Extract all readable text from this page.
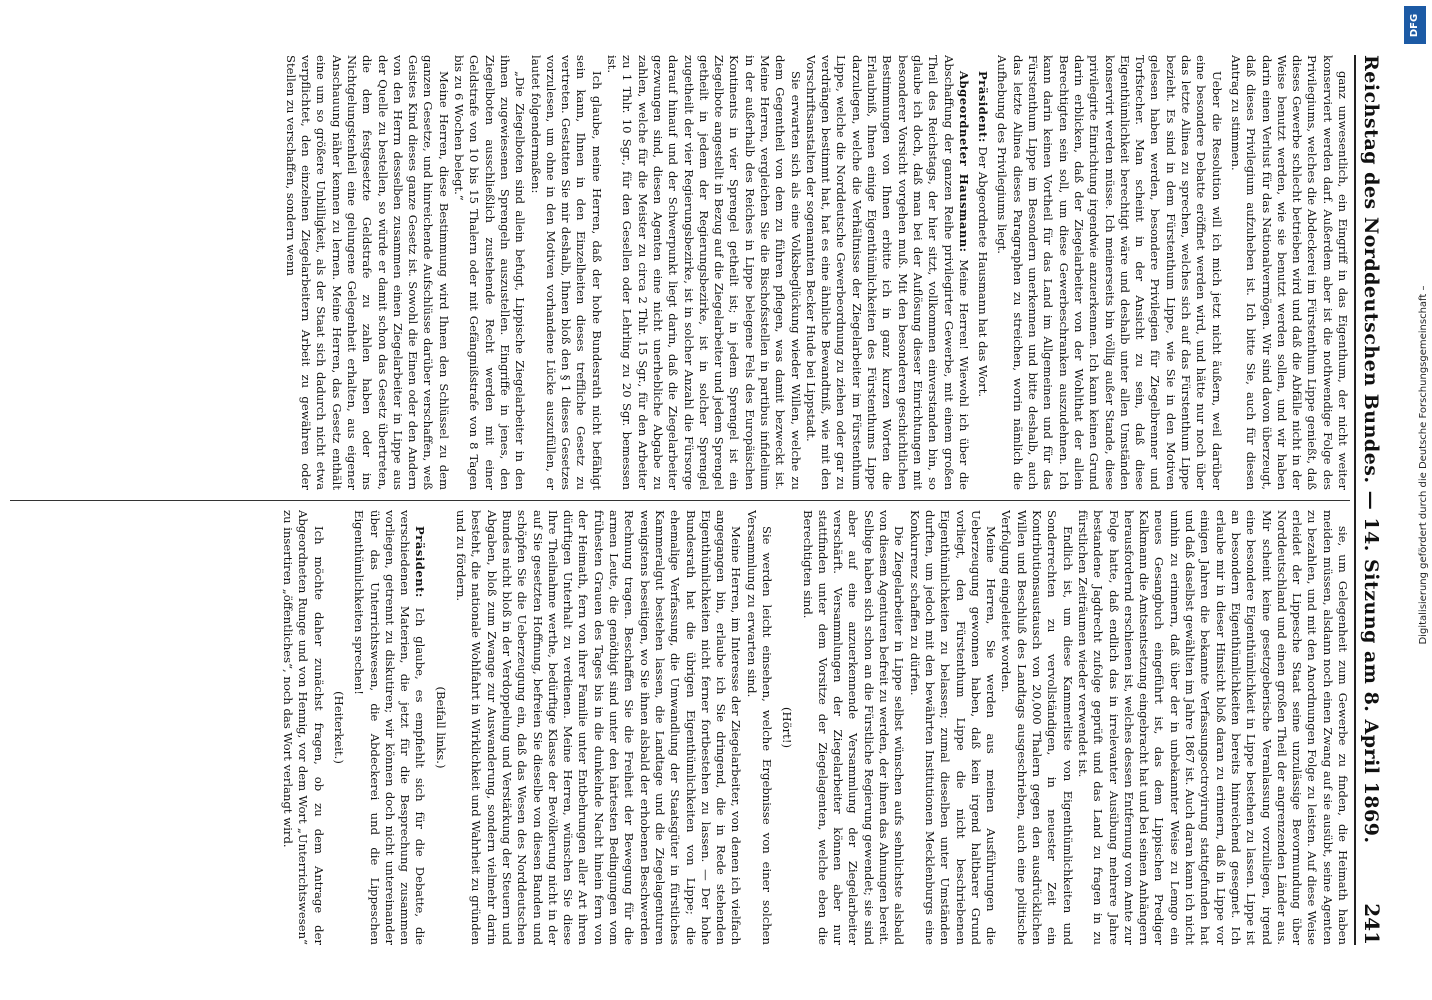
Reichstag des Norddeutschen Bundes. — 14. Sitzung am 8. April 1869.
241

ganz unwesentlich, ein Eingriff in das Eigenthum, der nicht weiter konserviert werden darf. Außerdem aber ist die nothwendige Folge des Privilegiums, welches die Abdeckerei im Fürstenthum Lippe genießt, daß dieses Gewerbe schlecht betrieben wird und daß die Abfälle nicht in der Weise benutzt werden, wie sie benutzt werden sollen, und wir haben darin einen Verlust für das Nationalvermögen. Wir sind davon überzeugt, daß dieses Privilegium aufzuheben ist. Ich bitte Sie, auch für diesen Antrag zu stimmen.

Ueber die Resolution will ich mich jetzt nicht äußern, weil darüber eine besondere Debatte eröffnet werden wird, und hätte nur noch über das letzte Alinea zu sprechen, welches sich auf das Fürstenthum Lippe bezieht. Es sind in dem Fürstenthum Lippe, wie Sie in den Motiven gelesen haben werden, besondere Privilegien für Ziegelbrenner und Torfstecher. Man scheint in der Ansicht zu sein, daß diese Eigenthümlichkeit berechtigt wäre und deshalb unter allen Umständen konservirt werden müsse. Ich meinerseits bin völlig außer Stande, diese privilegirte Einrichtung irgendwie anzuerkennen. Ich kann keinen Grund darin erblicken, daß der Ziegelarbeiter von der Wohlthat der allein Berechtigten sein soll, um diese Gewerbeschranken auszudehnen. Ich kann darin keinen Vortheil für das Land im Allgemeinen und für das Fürstenthum Lippe im Besondern unerkennen und bitte deshalb, auch das letzte Alinea dieses Paragraphen zu streichen, worin nämlich die Aufhebung des Privilegiums liegt.

Präsident: Der Abgeordnete Hausmann hat das Wort.

Abgeordneter Hausmann: Meine Herren! Wiewohl ich über die Abschaffung der ganzen Reihe privilegirter Gewerbe, mit einem großen Theil des Reichstags, der hier sitzt, vollkommen einverstanden bin, so glaube ich doch, daß man bei der Auflösung dieser Einrichtungen mit besonderer Vorsicht vorgehen muß. Mit den besonderen geschichtlichen Bestimmungen von Ihnen erbitte ich in ganz kurzen Worten die Erlaubniß, Ihnen einige Eigenthümlichkeiten des Fürstenthums Lippe darzulegen, welche die Verhältnisse der Ziegelarbeiter im Fürstenthum Lippe, welche die Norddeutsche Gewerbeordnung zu ziehen oder gar zu verdrängen bestimmt hat, hat es eine ähnliche Bewandtniß, wie mit den Vorschriftsanstalten der sogenannten Becker Hude bei Lippstadt.

Sie erwarten sich als eine Volksbeglückung wieder Willen, welche zu dem Gegentheil von dem zu führen pflegen, was damit bezweckt ist. Meine Herren, vergleichen Sie die Bischofsstellen in partibus infidelium in der außerhalb des Reiches in Lippe belegene Fels des Europäischen Kontinents in vier Sprengel getheilt ist; in jedem Sprengel ist ein Ziegelbote angestellt in Bezug auf die Ziegelarbeiter und jedem Sprengel getheilt in jedem der Regierungsbezirke, ist in solcher Sprengel zugetheilt der vier Regierungsbezirke, ist in solcher Anzahl die Fürsorge darauf hinauf und der Schwerpunkt liegt darin, daß die Ziegelarbeiter gezwungen sind, diesen Agenten eine nicht unerhebliche Abgabe zu zahlen, welche für die Meister zu circa 2 Thlr. 15 Sgr., für den Arbeiter zu 1 Thlr. 10 Sgr., für den Gesellen oder Lehrling zu 20 Sgr. bemessen ist.

Ich glaube, meine Herren, daß der hohe Bundesrath nicht befähigt sein kann, Ihnen in den Einzelheiten dieses treffliche Gesetz zu vertreten. Gestatten Sie mir deshalb, Ihnen bloß den § 1 dieses Gesetzes vorzulesen, um ohne in den Motiven vorhandene Lücke auszufüllen, er lautet folgendermaßen:

„Die Ziegelboten sind allein befugt, Lippische Ziegelarbeiter in den ihnen zugewiesenen Sprengeln auszustellen. Eingriffe in jenes, den Ziegelboten ausschließlich zustehende Recht werden mit einer Geldstrafe von 10 bis 15 Thalern oder mit Gefängnißstrafe von 8 Tagen bis zu 6 Wochen belegt.“

Meine Herren, diese Bestimmung wird Ihnen den Schlüssel zu dem ganzen Gesetze, und hinreichende Aufschlüsse darüber verschaffen, weß Geistes Kind dieses ganze Gesetz ist. Sowohl die Einen oder den Andern von den Herrn desselben zusammen einen Ziegelarbeiter in Lippe aus der Quelle zu bestellen, so würde er damit schon das Gesetz übertreten, die dem festgesetzte Geldstrafe zu zahlen haben oder ins Nichtgelungstenheil eine gelungene Gelegenheit erhalten, aus eigener Anschauung näher kennen zu lernen. Meine Herren, das Gesetz enthält eine um so größere Unbilligkeit, als der Staat sich dadurch nicht etwa verpflichtet, den einzelnen Ziegelarbeitern Arbeit zu gewähren oder Stellen zu verschaffen, sondern wenn

sie, um Gelegenheit zum Gewerbe zu finden, die Heimath haben meiden müssen, alsdann noch einen Zwang auf sie ausübt, seine Agenten zu bezahlen, und mit den Anordnungen Folge zu leisten. Auf diese Weise erleidet der Lippesche Staat seine unzulässige Bevormundung über Norddeutschland und einen großen Theil der angrenzenden Länder aus. Mir scheint keine gesetzgeberische Veranlassung vorzuliegen, irgend eine besondere Eigenthümlichkeit in Lippe bestehen zu lassen. Lippe ist an besondern Eigenthümlichkeiten bereits hinreichend gesegnet. Ich erlaube mir in dieser Hinsicht bloß daran zu erinnern, daß in Lippe vor einigen Jahren die bekannte Verfassungsoctroyirung stattgefunden hat und daß daselbst gewählten im Jahre 1867 ist. Auch daran kann ich nicht umhin zu erinnern, daß über der in unbekannter Weise zu Lemgo ein neues Gesangbuch eingeführt ist, das dem Lippischen Prediger Kalkmann die Amtsentsetzung eingebracht hat und bei seinen Anhängern herausfordernd erschienen ist, welches dessen Entfernung vom Amte zur Folge hatte, daß endlich das in irrelevanter Ausübung mehrere Jahre bestandene Jagdrecht zufolge geprüft und das Land zu fragen in zu fürstlichen Zeiträumen wieder verwendet ist.

Endlich ist, um diese Kammerliste von Eigenthümlichkeiten und Sonderrechten zu vervollständigen, in neuester Zeit ein Kontributionsaustausch von 20,000 Thalern gegen den ausdrücklichen Willen und Beschluß des Landtags ausgeschrieben, auch eine politische Verfolgung eingeleitet worden.

Meine Herren, Sie werden aus meinen Ausführungen die Ueberzeugung gewonnen haben, daß kein irgend haltbarer Grund vorliegt, den Fürstenthum Lippe die nicht beschriebenen Eigenthümlichkeiten zu belassen; zumal dieselben unter Umständen durften, um jedoch mit den bewährten Institutionen Mecklenburgs eine Konkurrenz schaffen zu dürfen.

Die Ziegelarbeiter in Lippe selbst wünschen aufs sehnlichste alsbald von diesem Agenturen befreit zu werden, der ihnen das Ahnungen bereit. Selbige haben sich schon an die Fürstliche Regierung gewendet; sie sind aber auf eine anzuerkennende Versammlung der Ziegelarbeiter verschärft. Versammlungen der Ziegelarbeiter können aber nur stattfinden unter dem Vorsitze der Ziegelagenten, welche eben die Berechtigten sind.

(Hört!)

Sie werden leicht einsehen, welche Ergebnisse von einer solchen Versammlung zu erwarten sind.

Meine Herren, im Interesse der Ziegelarbeiter, von denen ich vielfach angegangen bin, erlaube ich Sie dringend, die in Rede stehenden Eigenthümlichkeiten nicht ferner fortbestehen zu lassen. — Der hohe Bundesrath hat die übrigen Eigenthümlichkeiten von Lippe; die ehemalige Verfassung, die Umwandlung der Staatsgüter in fürstliches Kammeralgut bestehen lassen, die Landtage und die Ziegelagenturen wenigstens beseitigen, wo Sie ihnen alsbald der erhobenen Beschwerden Rechnung tragen. Beschaffen Sie die Freiheit der Bewegung für die armen Leute, die genöthigt sind unter den härtesten Bedingungen vom frühesten Grauen des Tages bis in die dunkelnde Nacht hinein fern von der Heimath, fern von ihrer Familie unter Entbehrungen aller Art ihren dürftigen Unterhalt zu verdienen. Meine Herren, wünschen Sie diese Ihre Theilnahme werthe, bedürftige Klasse der Bevölkerung nicht in der auf Sie gesetzten Hoffnung, befreien Sie dieselbe von diesen Banden und schöpfen Sie die Ueberzeugung ein, daß das Wesen des Norddeutschen Bundes nicht bloß in der Verdoppelung und Verstärkung der Steuern und Abgaben, bloß zum Zwange zur Auswanderung, sondern vielmehr darin besteht, die nationale Wohlfahrt in Wirklichkeit und Wahrheit zu gründen und zu fördern.

(Beifall links.)

Präsident: Ich glaube, es empfiehlt sich für die Debatte, die verschiedenen Materien, die jetzt für die Besprechung zusammen vorliegen, getrennt zu diskutiren; wir können doch nicht untereinander über das Unterrichtswesen, die Abdeckerei und die Lippeschen Eigenthümlichkeiten sprechen!

(Heiterkeit.)

Ich möchte daher zunächst fragen, ob zu dem Antrage der Abgeordneten Runge und von Hennig, vor dem Wort „Unterrichtswesen“ zu insertiren „öffentliches“, noch das Wort verlangt wird.

Digitalisierung gefördert durch die Deutsche Forschungsgemeinschaft –
DFG
